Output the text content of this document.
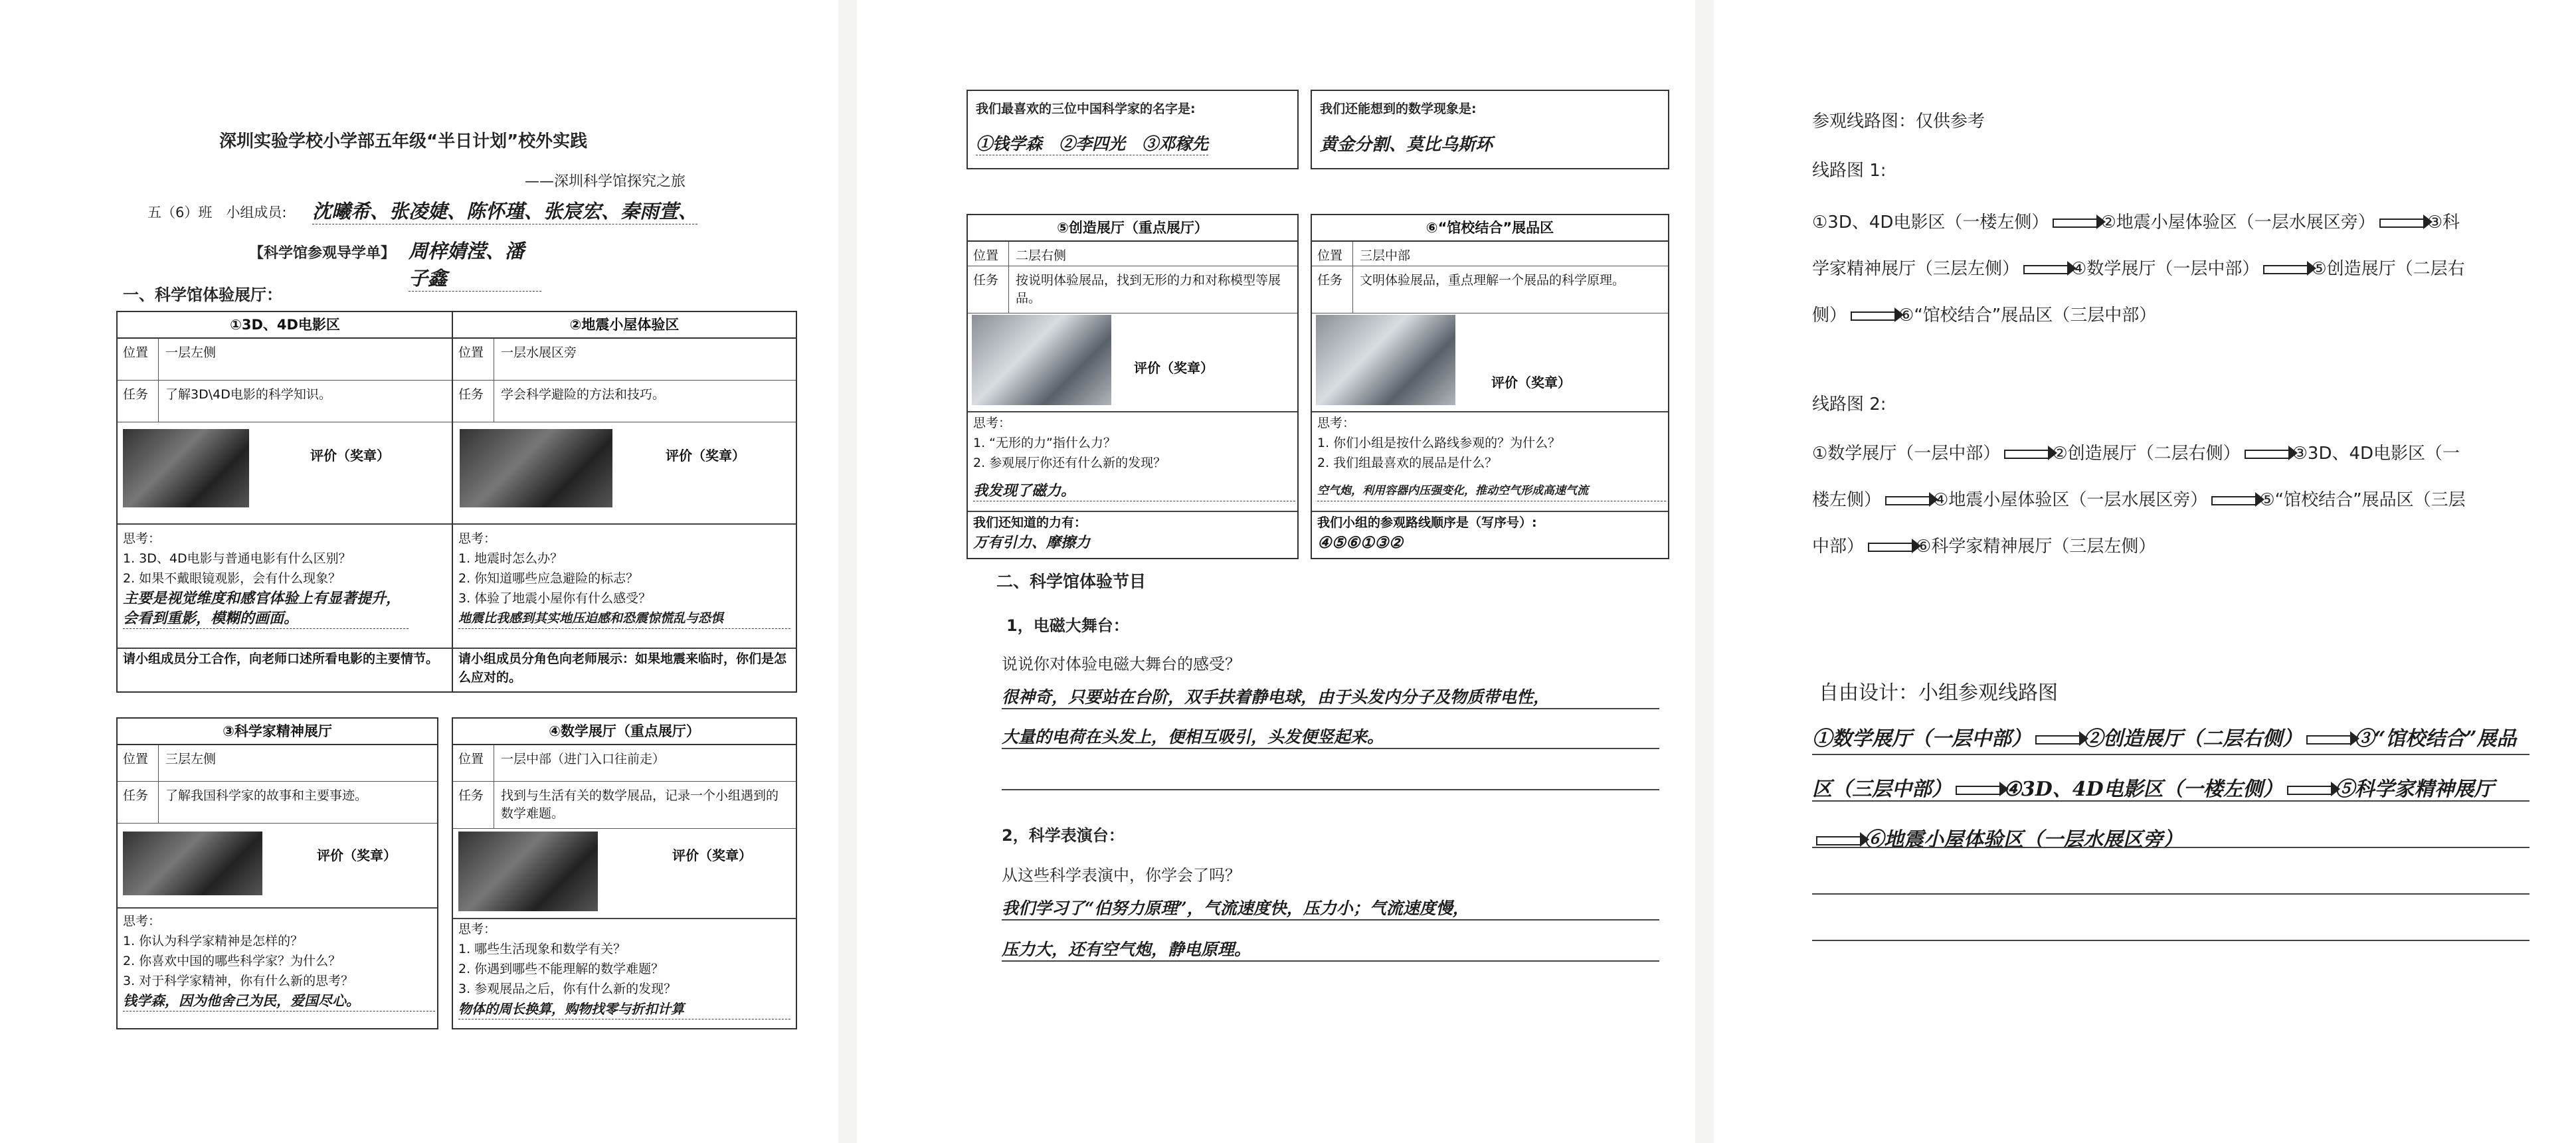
深圳实验学校小学部五年级“半日计划”校外实践
——深圳科学馆探究之旅
五（6）班　小组成员: 沈曦希、张凌婕、陈怀瑾、张宸宏、秦雨萱、
【科学馆参观导学单】 周梓婧滢、潘子鑫
一、科学馆体验展厅：
①3D、4D电影区
位置	一层左侧
任务	了解3D\4D电影的科学知识。
评价（奖章）
思考：
1. 3D、4D电影与普通电影有什么区别？
2. 如果不戴眼镜观影，会有什么现象？
主要是视觉维度和感官体验上有显著提升，
会看到重影，模糊的画面。
请小组成员分工合作，向老师口述所看电影的主要情节。
②地震小屋体验区
位置	一层水展区旁
任务	学会科学避险的方法和技巧。
评价（奖章）
思考：
1. 地震时怎么办？
2. 你知道哪些应急避险的标志？
3. 体验了地震小屋你有什么感受？
地震比我感到其实地压迫感和恐震惊慌乱与恐惧
请小组成员分角色向老师展示：如果地震来临时，你们是怎么应对的。
③科学家精神展厅
位置	三层左侧
任务	了解我国科学家的故事和主要事迹。
评价（奖章）
思考：
1. 你认为科学家精神是怎样的？
2. 你喜欢中国的哪些科学家？为什么？
3. 对于科学家精神，你有什么新的思考？
钱学森，因为他舍己为民，爱国尽心。
④数学展厅（重点展厅）
位置	一层中部（进门入口往前走）
任务	找到与生活有关的数学展品，记录一个小组遇到的数学难题。
评价（奖章）
思考：
1. 哪些生活现象和数学有关？
2. 你遇到哪些不能理解的数学难题？
3. 参观展品之后，你有什么新的发现？
物体的周长换算，购物找零与折扣计算
我们最喜欢的三位中国科学家的名字是:
①钱学森　②李四光　③邓稼先
我们还能想到的数学现象是:
黄金分割、莫比乌斯环
⑤创造展厅（重点展厅）
位置	二层右侧
任务	按说明体验展品，找到无形的力和对称模型等展品。
评价（奖章）
思考：
1. “无形的力”指什么力？
2. 参观展厅你还有什么新的发现？
我发现了磁力。
我们还知道的力有：
万有引力、摩擦力
⑥“馆校结合”展品区
位置	三层中部
任务	文明体验展品，重点理解一个展品的科学原理。
评价（奖章）
思考：
1. 你们小组是按什么路线参观的？为什么？
2. 我们组最喜欢的展品是什么？
空气炮，利用容器内压强变化，推动空气形成高速气流
我们小组的参观路线顺序是（写序号）:
④⑤⑥①③②
二、科学馆体验节目
1，电磁大舞台：
说说你对体验电磁大舞台的感受？
很神奇，只要站在台阶，双手扶着静电球，由于头发内分子及物质带电性，
大量的电荷在头发上，便相互吸引，头发便竖起来。
2，科学表演台：
从这些科学表演中，你学会了吗？
我们学习了“伯努力原理”，气流速度快，压力小；气流速度慢，
压力大，还有空气炮，静电原理。
参观线路图：仅供参考
线路图 1:
①3D、4D电影区（一楼左侧）	②地震小屋体验区（一层水展区旁）	③科学家精神展厅（三层左侧）	④数学展厅（一层中部）	⑤创造展厅（二层右侧）	⑥“馆校结合”展品区（三层中部）
线路图 2:
①数学展厅（一层中部）	②创造展厅（二层右侧）	③3D、4D电影区（一楼左侧）	④地震小屋体验区（一层水展区旁）	⑤“馆校结合”展品区（三层中部）	⑥科学家精神展厅（三层左侧）
自由设计：小组参观线路图
①数学展厅（一层中部）	②创造展厅（二层右侧）	③“馆校结合”展品区（三层中部）	④3D、4D电影区（一楼左侧）	⑤科学家精神展厅⑥地震小屋体验区（一层水展区旁）
